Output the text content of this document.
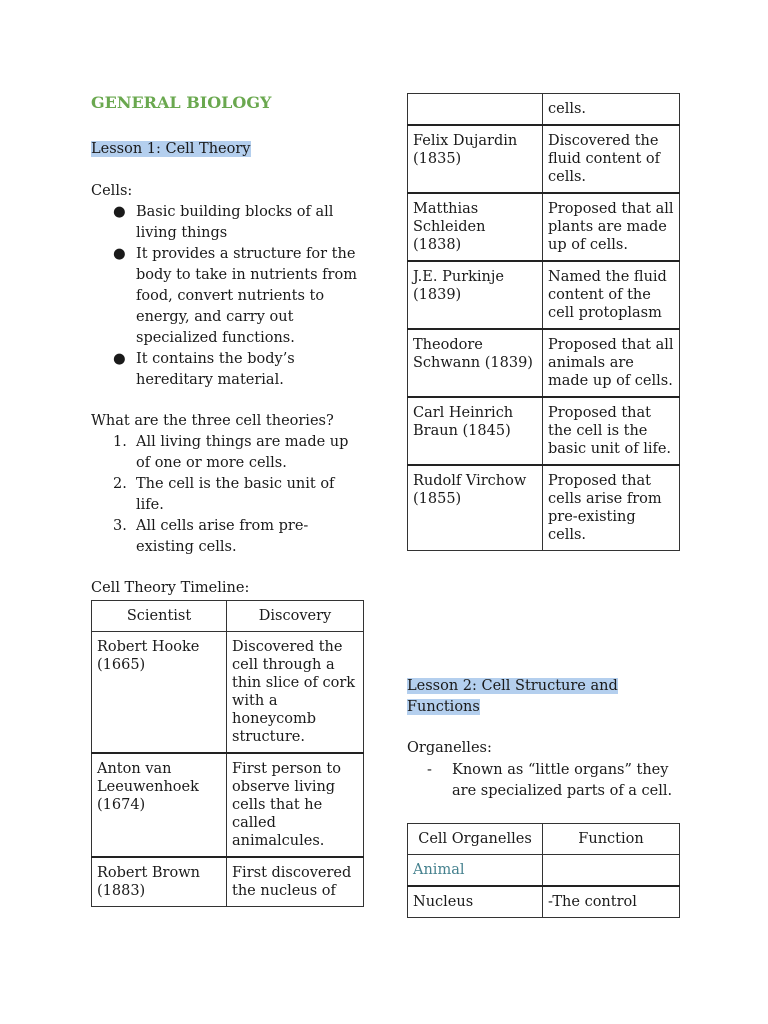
GENERAL BIOLOGY

Lesson 1: Cell Theory

Cells:

● Basic building blocks of all living things
● It provides a structure for the body to take in nutrients from food, convert nutrients to energy, and carry out specialized functions.
● It contains the body’s hereditary material.

What are the three cell theories?

1. All living things are made up of one or more cells.
2. The cell is the basic unit of life.
3. All cells arise from pre-existing cells.

Cell Theory Timeline:

Scientist	Discovery
Robert Hooke (1665)	Discovered the cell through a thin slice of cork with a honeycomb structure.
Anton van Leeuwenhoek (1674)	First person to observe living cells that he called animalcules.
Robert Brown (1883)	First discovered the nucleus of
	cells.
Felix Dujardin (1835)	Discovered the fluid content of cells.
Matthias Schleiden (1838)	Proposed that all plants are made up of cells.
J.E. Purkinje (1839)	Named the fluid content of the cell protoplasm
Theodore Schwann (1839)	Proposed that all animals are made up of cells.
Carl Heinrich Braun (1845)	Proposed that the cell is the basic unit of life.
Rudolf Virchow (1855)	Proposed that cells arise from pre-existing cells.

Lesson 2: Cell Structure and Functions

Organelles:

- Known as “little organs” they are specialized parts of a cell.
Cell Organelles	Function
Animal	
Nucleus	-The control
